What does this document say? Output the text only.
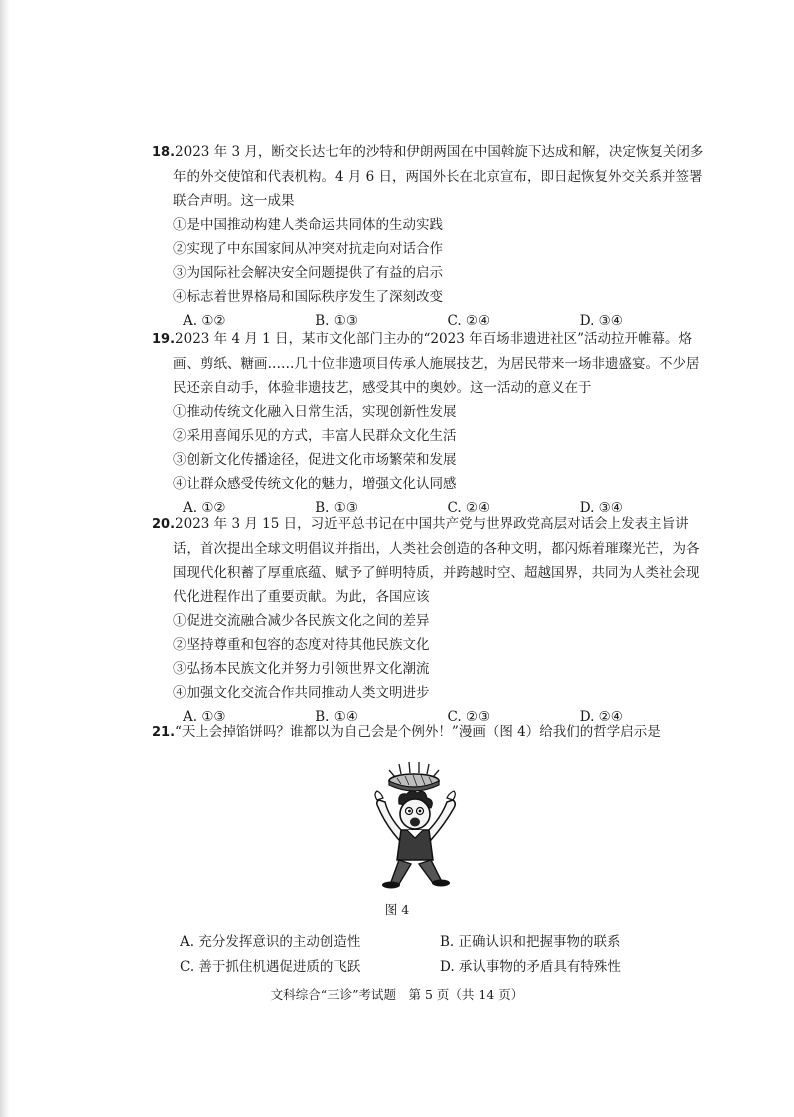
18.2023 年 3 月，断交长达七年的沙特和伊朗两国在中国斡旋下达成和解，决定恢复关闭多年的外交使馆和代表机构。4 月 6 日，两国外长在北京宣布，即日起恢复外交关系并签署联合声明。这一成果
①是中国推动构建人类命运共同体的生动实践
②实现了中东国家间从冲突对抗走向对话合作
③为国际社会解决安全问题提供了有益的启示
④标志着世界格局和国际秩序发生了深刻改变
A. ①②	B. ①③	C. ②④	D. ③④
19.2023 年 4 月 1 日，某市文化部门主办的“2023 年百场非遗进社区”活动拉开帷幕。烙画、剪纸、糖画……几十位非遗项目传承人施展技艺，为居民带来一场非遗盛宴。不少居民还亲自动手，体验非遗技艺，感受其中的奥妙。这一活动的意义在于
①推动传统文化融入日常生活，实现创新性发展
②采用喜闻乐见的方式，丰富人民群众文化生活
③创新文化传播途径，促进文化市场繁荣和发展
④让群众感受传统文化的魅力，增强文化认同感
A. ①②	B. ①③	C. ②④	D. ③④
20.2023 年 3 月 15 日，习近平总书记在中国共产党与世界政党高层对话会上发表主旨讲话，首次提出全球文明倡议并指出，人类社会创造的各种文明，都闪烁着璀璨光芒，为各国现代化积蓄了厚重底蕴、赋予了鲜明特质，并跨越时空、超越国界，共同为人类社会现代化进程作出了重要贡献。为此，各国应该
①促进交流融合减少各民族文化之间的差异
②坚持尊重和包容的态度对待其他民族文化
③弘扬本民族文化并努力引领世界文化潮流
④加强文化交流合作共同推动人类文明进步
A. ①③	B. ①④	C. ②③	D. ②④
21.“天上会掉馅饼吗？谁都以为自己会是个例外！”漫画（图 4）给我们的哲学启示是
图 4
A. 充分发挥意识的主动创造性	B. 正确认识和把握事物的联系
C. 善于抓住机遇促进质的飞跃	D. 承认事物的矛盾具有特殊性
文科综合“三诊”考试题　第 5 页（共 14 页）
